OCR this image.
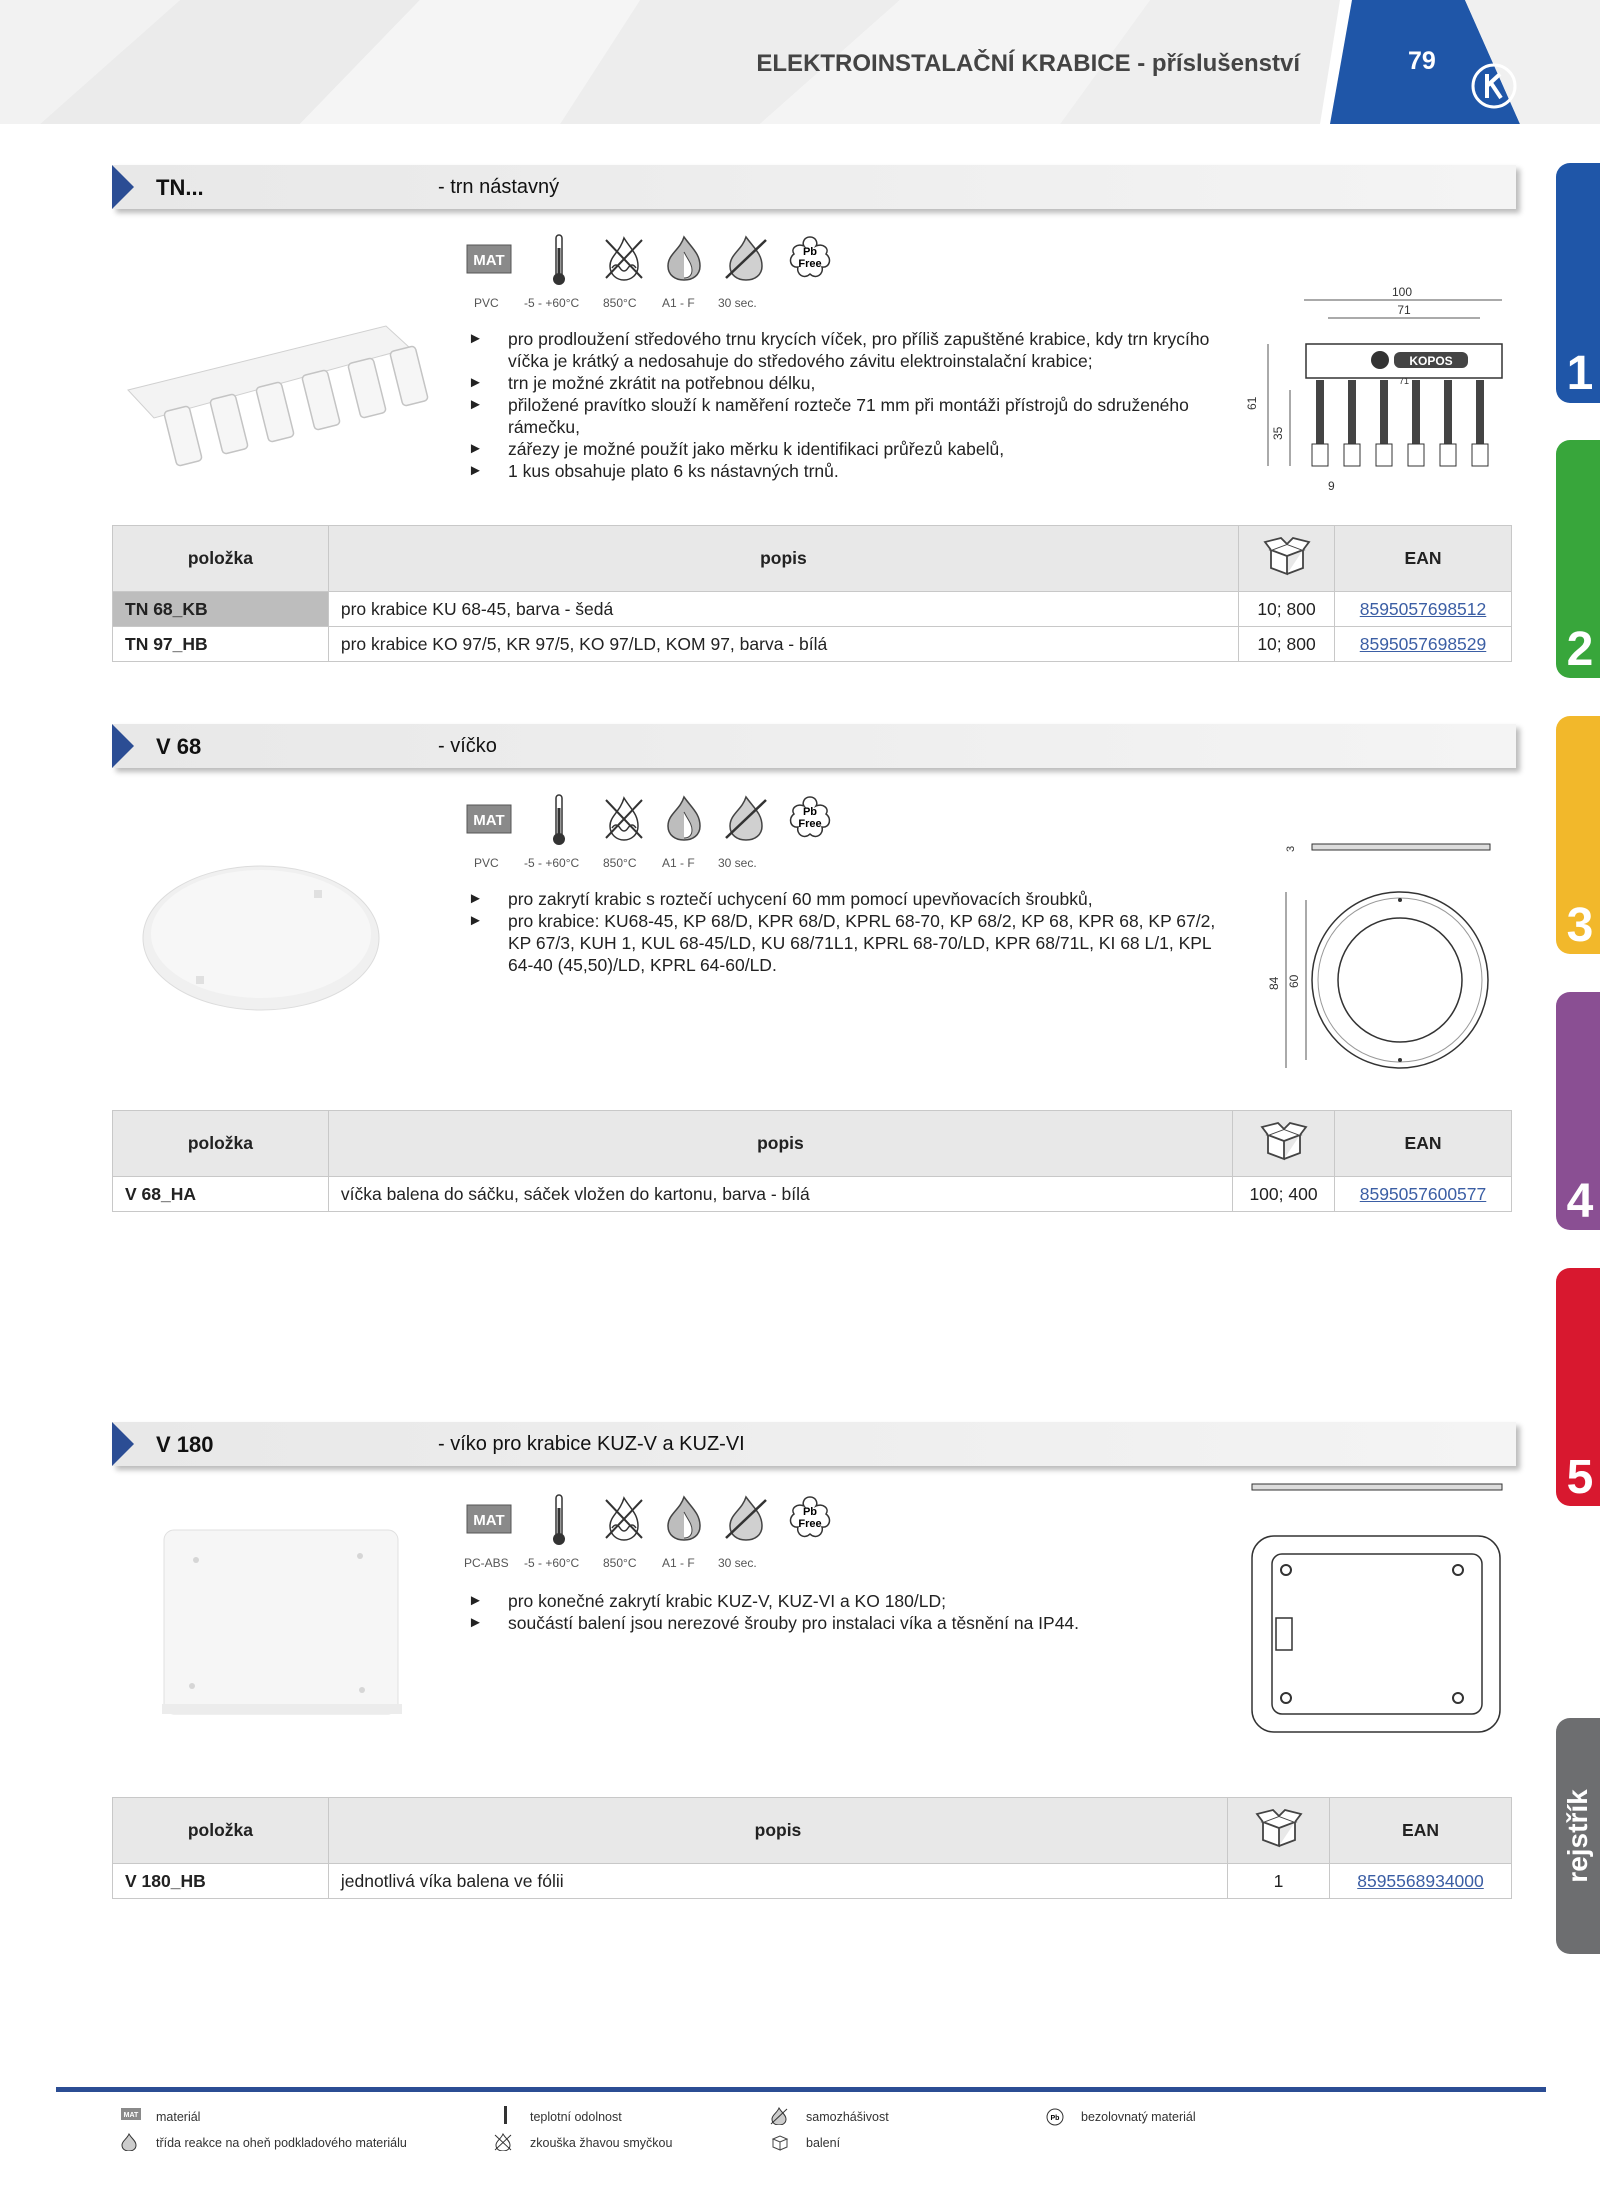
ELEKTROINSTALAČNÍ KRABICE - příslušenství	79
1
2
3
4
5
rejstřík
TN...	- trn nástavný
MAT	Pb
Free
PVC -5 - +60°C 850°C A1 - F 30 sec.
► pro prodloužení středového trnu krycích víček, pro příliš zapuštěné krabice, kdy trn krycího víčka je krátký a nedosahuje do středového závitu elektroinstalační krabice;
► trn je možné zkrátit na potřebnou délku,
► přiložené pravítko slouží k naměření rozteče 71 mm při montáži přístrojů do sdruženého rámečku,
► zářezy je možné použít jako měrku k identifikaci průřezů kabelů,
► 1 kus obsahuje plato 6 ks nástavných trnů.
100
71
KOPOS
71
61
35
9
položka	popis		EAN
TN 68_KB	pro krabice KU 68-45, barva - šedá	10; 800	8595057698512
TN 97_HB	pro krabice KO 97/5, KR 97/5, KO 97/LD, KOM 97, barva - bílá	10; 800	8595057698529
V 68	- víčko
MAT	Pb
Free
PVC -5 - +60°C 850°C A1 - F 30 sec.
► pro zakrytí krabic s roztečí uchycení 60 mm pomocí upevňovacích šroubků,
► pro krabice: KU68-45, KP 68/D, KPR 68/D, KPRL 68-70, KP 68/2, KP 68, KPR 68, KP 67/2, KP 67/3, KUH 1, KUL 68-45/LD, KU 68/71L1, KPRL 68-70/LD, KPR 68/71L, KI 68 L/1, KPL 64-40 (45,50)/LD, KPRL 64-60/LD.
3
84 60
položka	popis		EAN
V 68_HA	víčka balena do sáčku, sáček vložen do kartonu, barva - bílá	100; 400	8595057600577
V 180	- víko pro krabice KUZ-V a KUZ-VI
MAT	Pb
Free
PC-ABS -5 - +60°C 850°C A1 - F 30 sec.
► pro konečné zakrytí krabic KUZ-V, KUZ-VI a KO 180/LD;
► součástí balení jsou nerezové šrouby pro instalaci víka a těsnění na IP44.
položka	popis		EAN
V 180_HB	jednotlivá víka balena ve fólii	1	8595568934000
MAT materiál	teplotní odolnost	samozhášivost	Pb bezolovnatý materiál
třída reakce na oheň podkladového materiálu	zkouška žhavou smyčkou	balení
